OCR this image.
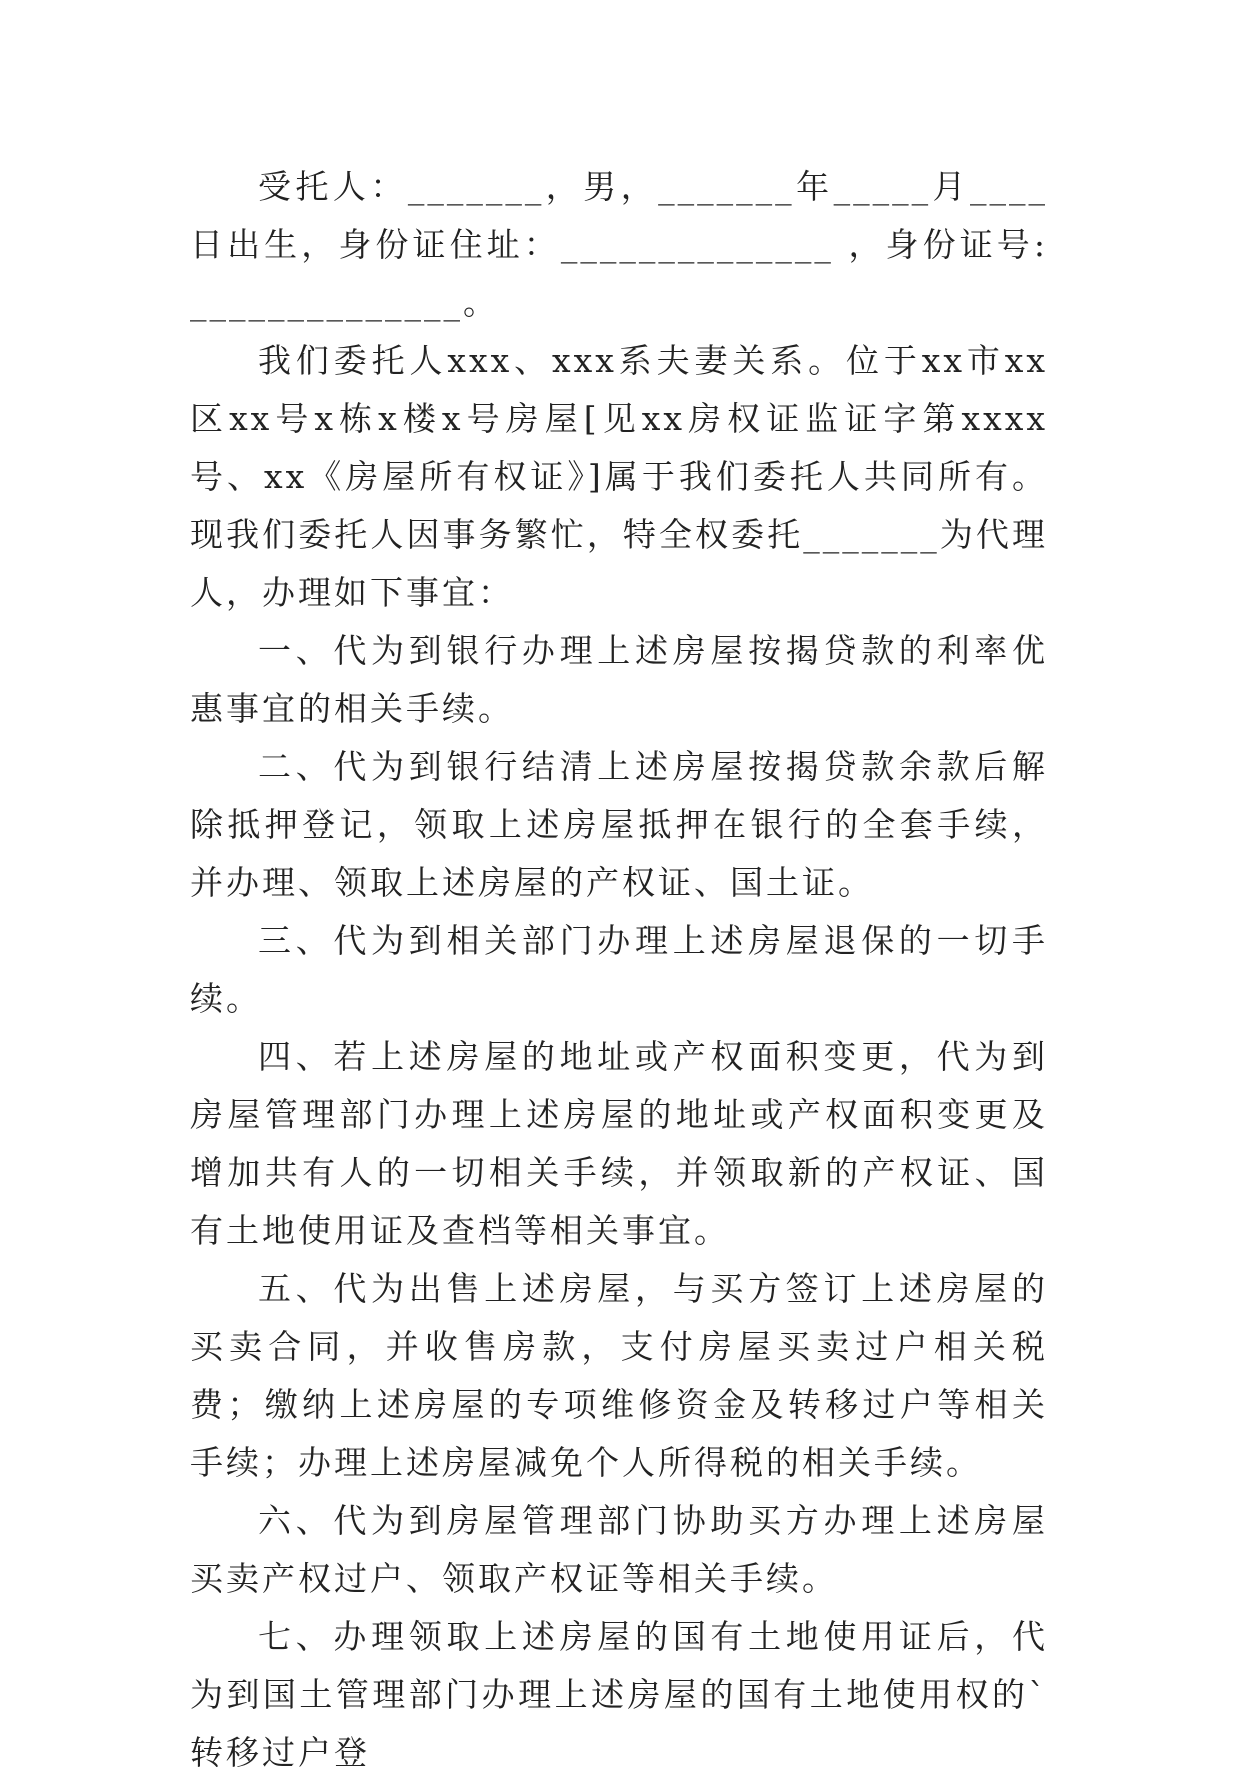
受托人：_______，男，_______年_____月____日出生，身份证住址：______________ ，身份证号:______________。

我们委托人xxx、xxx系夫妻关系。位于xx市xx区xx号x栋x楼x号房屋[见xx房权证监证字第xxxx号、xx《房屋所有权证》]属于我们委托人共同所有。现我们委托人因事务繁忙，特全权委托_______为代理人，办理如下事宜：

一、代为到银行办理上述房屋按揭贷款的利率优惠事宜的相关手续。

二、代为到银行结清上述房屋按揭贷款余款后解除抵押登记，领取上述房屋抵押在银行的全套手续，并办理、领取上述房屋的产权证、国土证。

三、代为到相关部门办理上述房屋退保的一切手续。

四、若上述房屋的地址或产权面积变更，代为到房屋管理部门办理上述房屋的地址或产权面积变更及增加共有人的一切相关手续，并领取新的产权证、国有土地使用证及查档等相关事宜。

五、代为出售上述房屋，与买方签订上述房屋的买卖合同，并收售房款，支付房屋买卖过户相关税费；缴纳上述房屋的专项维修资金及转移过户等相关手续；办理上述房屋减免个人所得税的相关手续。

六、代为到房屋管理部门协助买方办理上述房屋买卖产权过户、领取产权证等相关手续。

七、办理领取上述房屋的国有土地使用证后，代为到国土管理部门办理上述房屋的国有土地使用权的`转移过户登
